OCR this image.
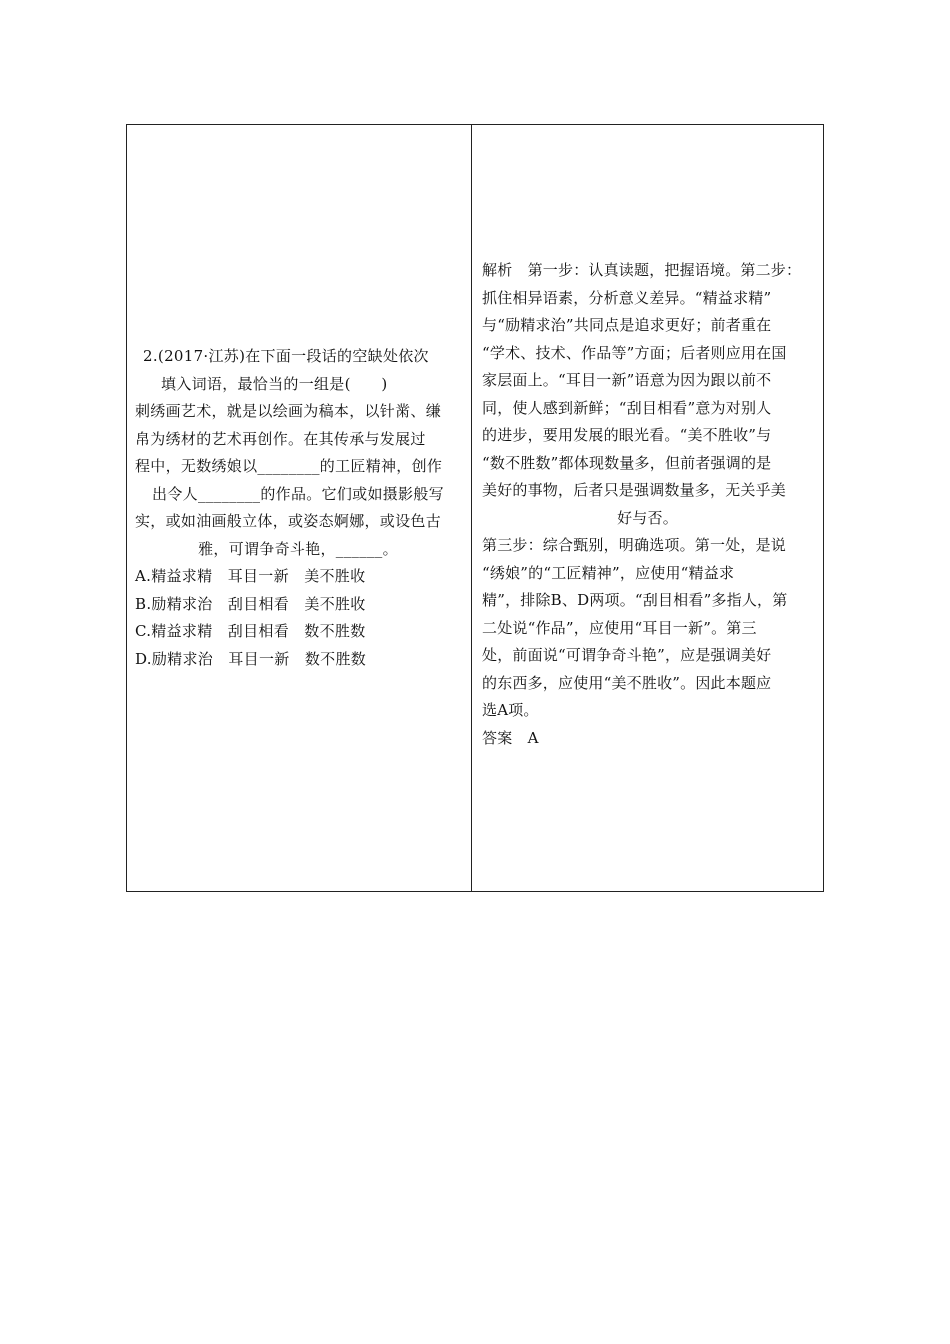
2.(2017·江苏)在下面一段话的空缺处依次
填入词语，最恰当的一组是(　　)
刺绣画艺术，就是以绘画为稿本，以针黹、缣
帛为绣材的艺术再创作。在其传承与发展过
程中，无数绣娘以________的工匠精神，创作
出令人________的作品。它们或如摄影般写
实，或如油画般立体，或姿态婀娜，或设色古
雅，可谓争奇斗艳，______。
A.精益求精　耳目一新　美不胜收
B.励精求治　刮目相看　美不胜收
C.精益求精　刮目相看　数不胜数
D.励精求治　耳目一新　数不胜数

解析　第一步：认真读题，把握语境。第二步：

抓住相异语素，分析意义差异。“精益求精”

与“励精求治”共同点是追求更好；前者重在

“学术、技术、作品等”方面；后者则应用在国

家层面上。“耳目一新”语意为因为跟以前不

同，使人感到新鲜；“刮目相看”意为对别人

的进步，要用发展的眼光看。“美不胜收”与

“数不胜数”都体现数量多，但前者强调的是

美好的事物，后者只是强调数量多，无关乎美

好与否。

第三步：综合甄别，明确选项。第一处，是说

“绣娘”的“工匠精神”，应使用“精益求

精”，排除B、D两项。“刮目相看”多指人，第

二处说“作品”，应使用“耳目一新”。第三

处，前面说“可谓争奇斗艳”，应是强调美好

的东西多，应使用“美不胜收”。因此本题应

选A项。

答案　A
